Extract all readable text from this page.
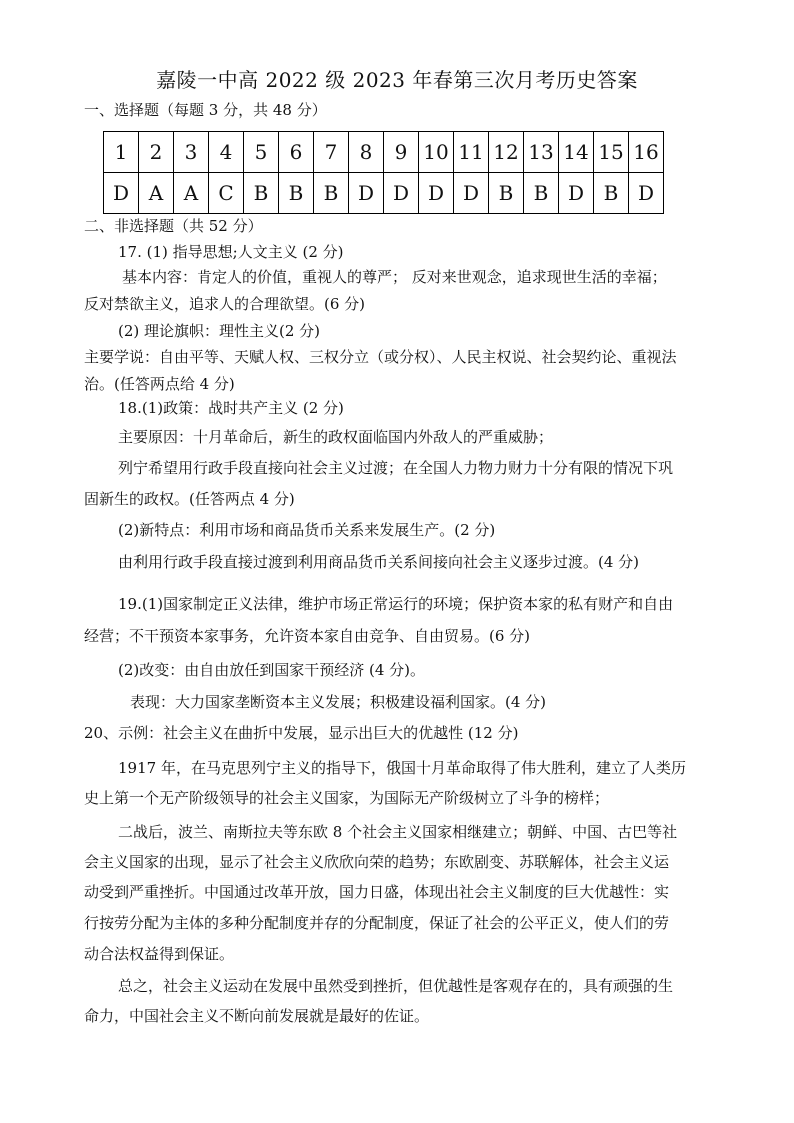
嘉陵一中高 2022 级 2023 年春第三次月考历史答案
一、选择题（每题 3 分，共 48 分）
1	2	3	4	5	6	7	8	9	10	11	12	13	14	15	16
D	A	A	C	B	B	B	D	D	D	D	B	B	D	B	D
二、非选择题（共 52 分）
17. (1) 指导思想;人文主义 (2 分)
基本内容：肯定人的价值，重视人的尊严； 反对来世观念，追求现世生活的幸福；
反对禁欲主义，追求人的合理欲望。(6 分)
(2) 理论旗帜：理性主义(2 分)
主要学说：自由平等、天赋人权、三权分立（或分权）、人民主权说、社会契约论、重视法
治。(任答两点给 4 分)
18.(1)政策：战时共产主义 (2 分)
主要原因：十月革命后，新生的政权面临国内外敌人的严重威胁；
列宁希望用行政手段直接向社会主义过渡；在全国人力物力财力十分有限的情况下巩
固新生的政权。(任答两点 4 分)
(2)新特点：利用市场和商品货币关系来发展生产。(2 分)
由利用行政手段直接过渡到利用商品货币关系间接向社会主义逐步过渡。(4 分)
19.(1)国家制定正义法律，维护市场正常运行的环境；保护资本家的私有财产和自由
经营；不干预资本家事务，允许资本家自由竞争、自由贸易。(6 分)
(2)改变：由自由放任到国家干预经济 (4 分)。
表现：大力国家垄断资本主义发展；积极建设福利国家。(4 分)
20、示例：社会主义在曲折中发展，显示出巨大的优越性 (12 分)
1917 年，在马克思列宁主义的指导下，俄国十月革命取得了伟大胜利，建立了人类历
史上第一个无产阶级领导的社会主义国家，为国际无产阶级树立了斗争的榜样；
二战后，波兰、南斯拉夫等东欧 8 个社会主义国家相继建立；朝鲜、中国、古巴等社
会主义国家的出现，显示了社会主义欣欣向荣的趋势；东欧剧变、苏联解体，社会主义运
动受到严重挫折。中国通过改革开放，国力日盛，体现出社会主义制度的巨大优越性：实
行按劳分配为主体的多种分配制度并存的分配制度，保证了社会的公平正义，使人们的劳
动合法权益得到保证。
总之，社会主义运动在发展中虽然受到挫折，但优越性是客观存在的，具有顽强的生
命力，中国社会主义不断向前发展就是最好的佐证。
